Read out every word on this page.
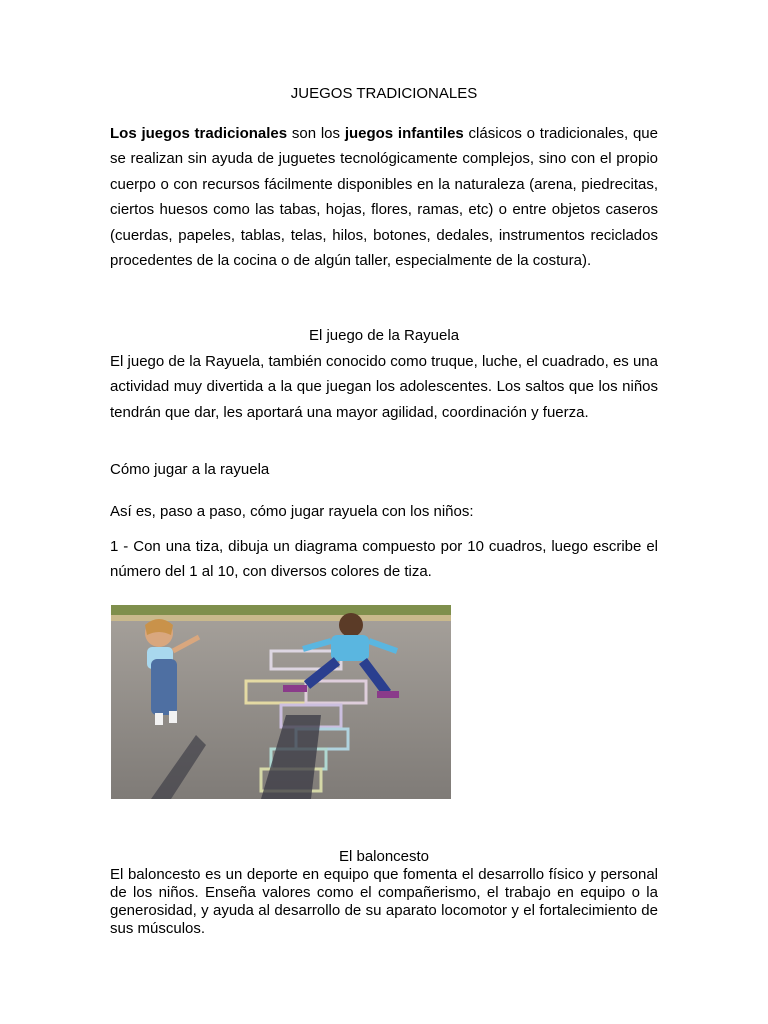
JUEGOS TRADICIONALES

Los juegos tradicionales son los juegos infantiles clásicos o tradicionales, que se realizan sin ayuda de juguetes tecnológicamente complejos, sino con el propio cuerpo o con recursos fácilmente disponibles en la naturaleza (arena, piedrecitas, ciertos huesos como las tabas, hojas, flores, ramas, etc) o entre objetos caseros (cuerdas, papeles, tablas, telas, hilos, botones, dedales, instrumentos reciclados procedentes de la cocina o de algún taller, especialmente de la costura).

El juego de la Rayuela

El juego de la Rayuela, también conocido como truque, luche, el cuadrado, es una actividad muy divertida a la que juegan los adolescentes. Los saltos que los niños tendrán que dar, les aportará una mayor agilidad, coordinación y fuerza.

Cómo jugar a la rayuela

Así es, paso a paso, cómo jugar rayuela con los niños:

1 - Con una tiza, dibuja un diagrama compuesto por 10 cuadros, luego escribe el número del 1 al 10, con diversos colores de tiza.

El baloncesto

El baloncesto es un deporte en equipo que fomenta el desarrollo físico y personal de los niños. Enseña valores como el compañerismo, el trabajo en equipo o la generosidad, y ayuda al desarrollo de su aparato locomotor y el fortalecimiento de sus músculos.
